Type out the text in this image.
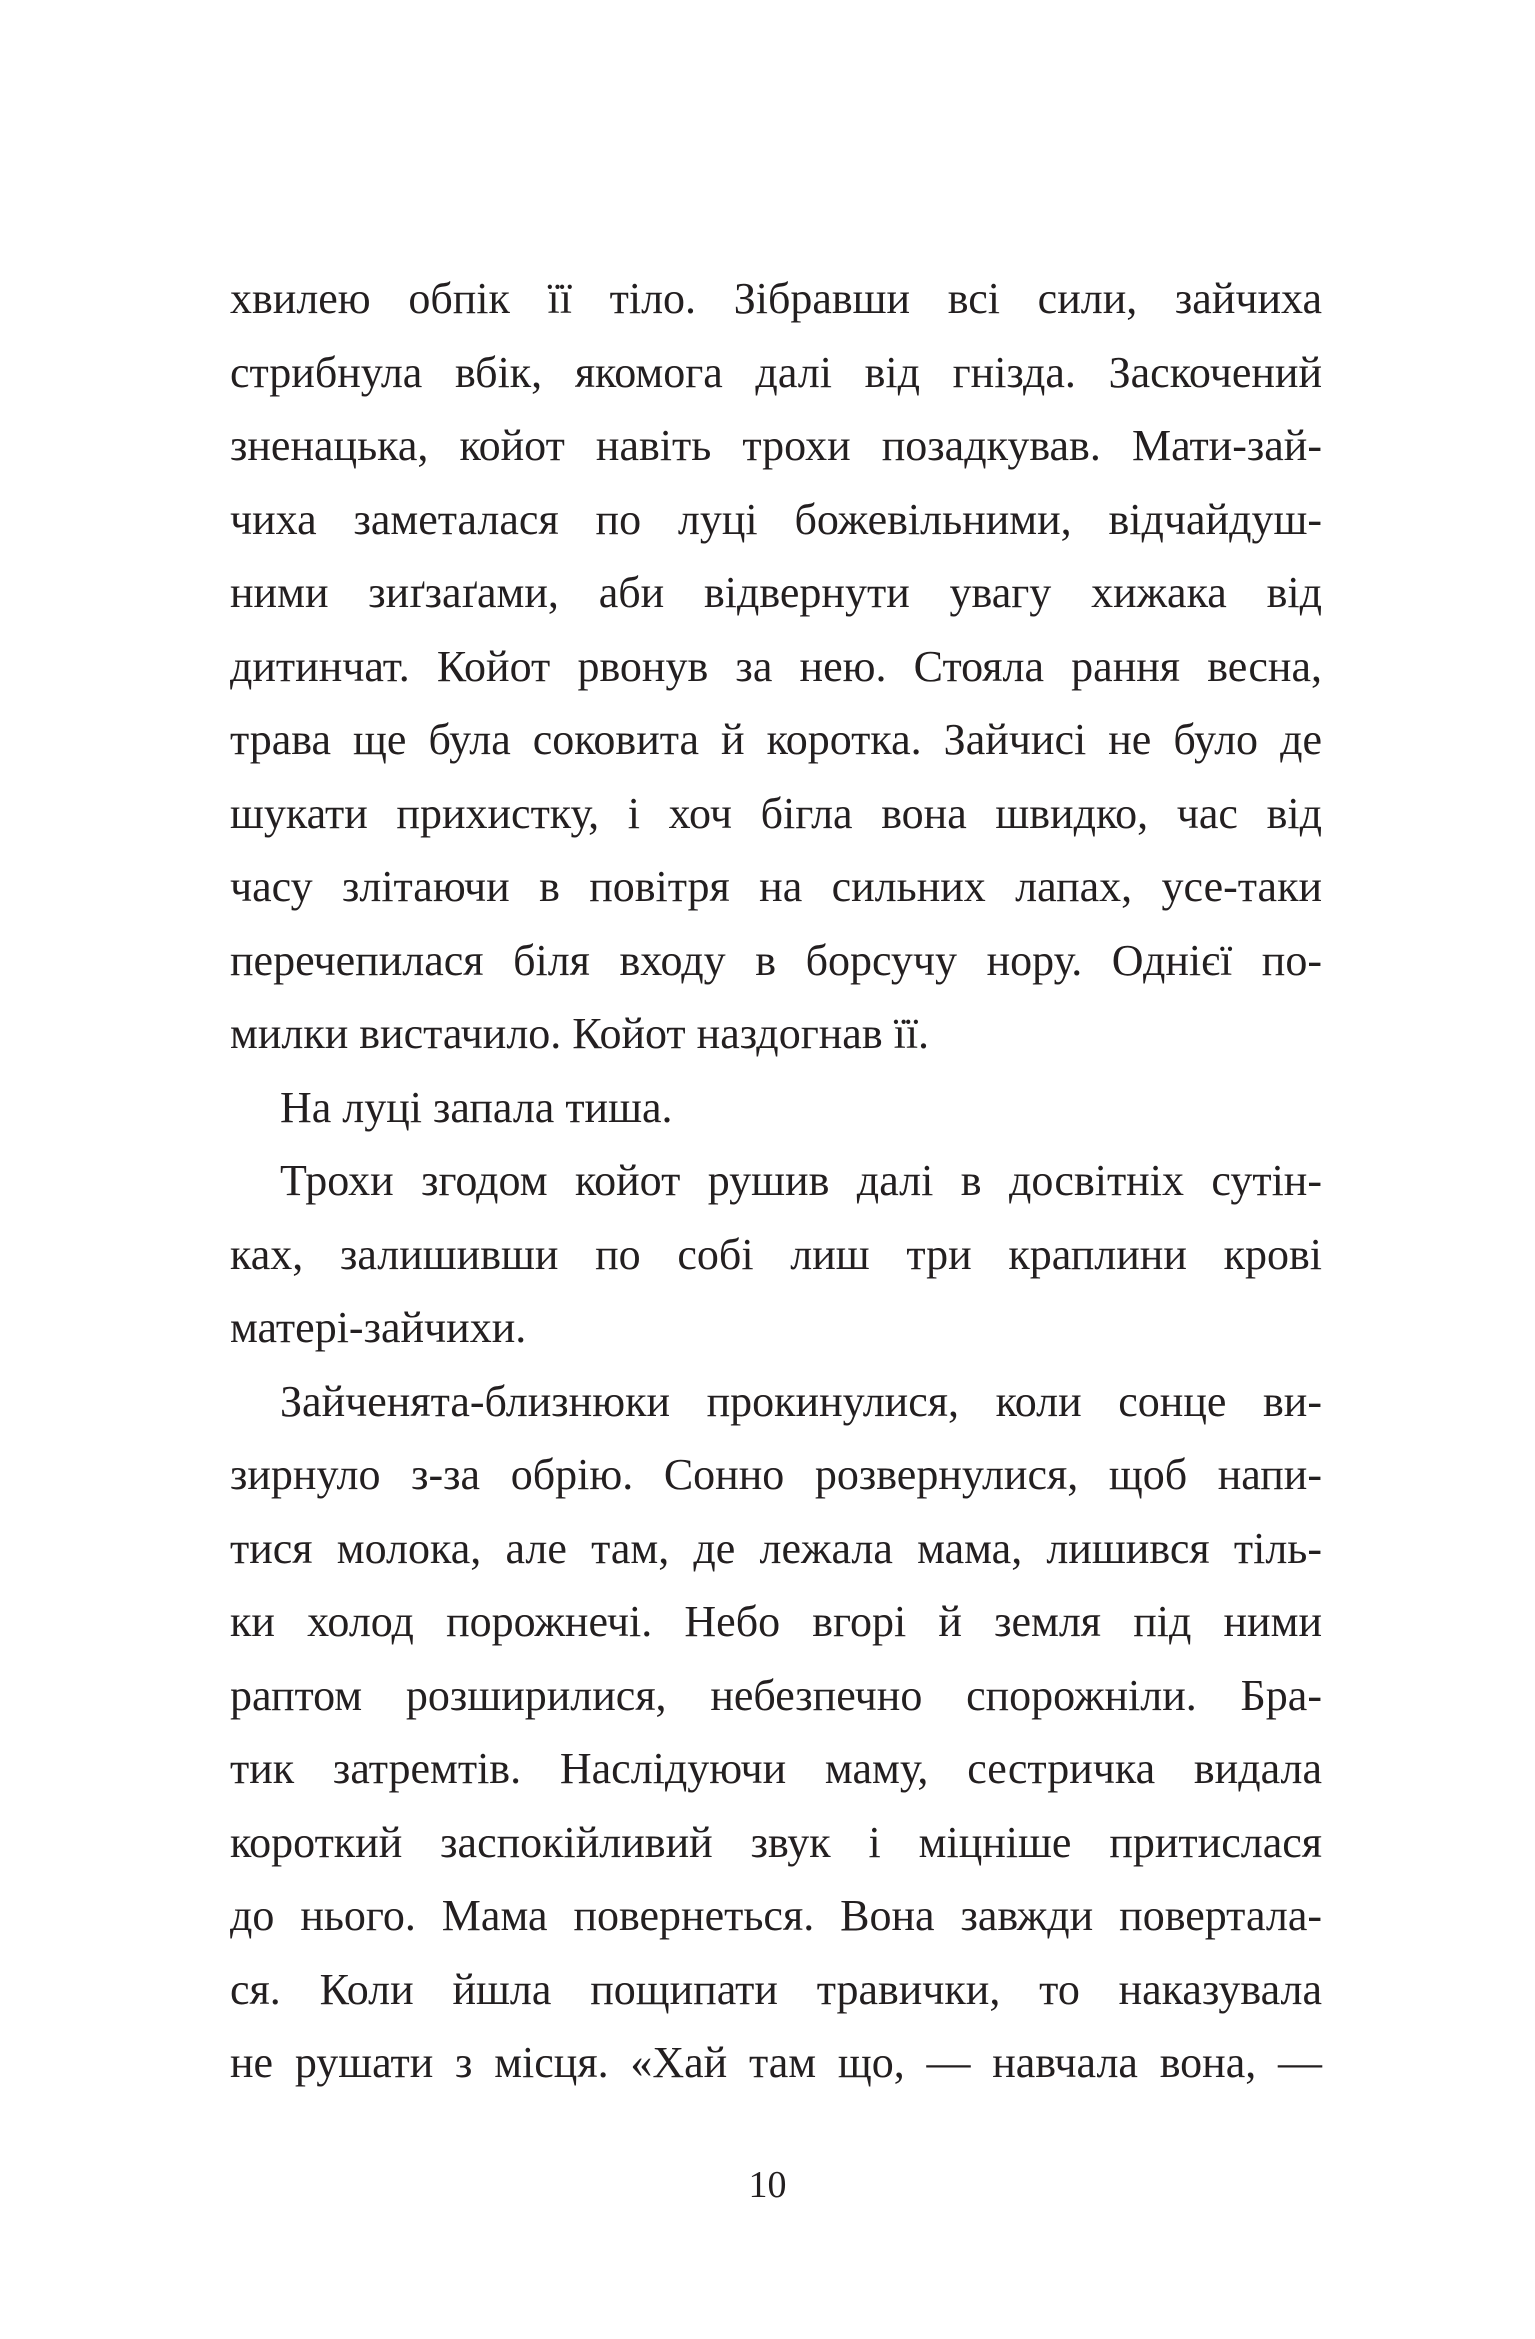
хвилею обпік її тіло. Зібравши всі сили, зайчиха
стрибнула вбік, якомога далі від гнізда. Заскочений
зненацька, койот навіть трохи позадкував. Мати-зай-
чиха заметалася по луці божевільними, відчайдуш-
ними зиґзаґами, аби відвернути увагу хижака від
дитинчат. Койот рвонув за нею. Стояла рання весна,
трава ще була соковита й коротка. Зайчисі не було де
шукати прихистку, і хоч бігла вона швидко, час від
часу злітаючи в повітря на сильних лапах, усе-таки
перечепилася біля входу в борсучу нору. Однієї по-
милки вистачило. Койот наздогнав її.
На луці запала тиша.
Трохи згодом койот рушив далі в досвітніх сутін-
ках, залишивши по собі лиш три краплини крові
матері-зайчихи.
Зайченята-близнюки прокинулися, коли сонце ви-
зирнуло з-за обрію. Сонно розвернулися, щоб напи-
тися молока, але там, де лежала мама, лишився тіль-
ки холод порожнечі. Небо вгорі й земля під ними
раптом розширилися, небезпечно спорожніли. Бра-
тик затремтів. Наслідуючи маму, сестричка видала
короткий заспокійливий звук і міцніше притислася
до нього. Мама повернеться. Вона завжди поверталa-
ся. Коли йшла пощипати травички, то наказувала
не рушати з місця. «Хай там що, — навчала вона, —
10
